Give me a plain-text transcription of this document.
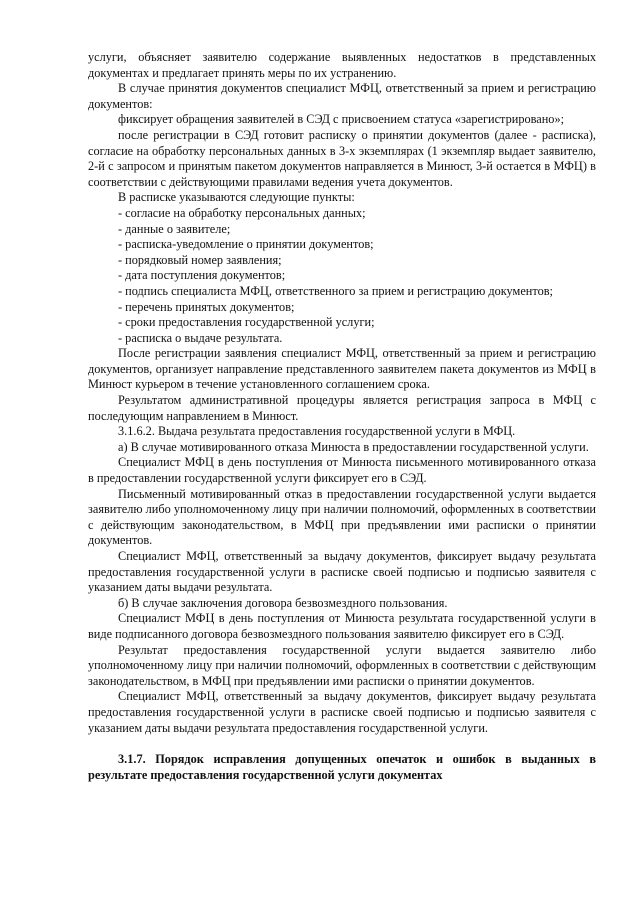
услуги, объясняет заявителю содержание выявленных недостатков в представленных документах и предлагает принять меры по их устранению.

В случае принятия документов специалист МФЦ, ответственный за прием и регистрацию документов:

фиксирует обращения заявителей в СЭД с присвоением статуса «зарегистрировано»;

после регистрации в СЭД готовит расписку о принятии документов (далее - расписка), согласие на обработку персональных данных в 3-х экземплярах (1 экземпляр выдает заявителю, 2-й с запросом и принятым пакетом документов направляется в Минюст, 3-й остается в МФЦ) в соответствии с действующими правилами ведения учета документов.

В расписке указываются следующие пункты:

- согласие на обработку персональных данных;

- данные о заявителе;

- расписка-уведомление о принятии документов;

- порядковый номер заявления;

- дата поступления документов;

- подпись специалиста МФЦ, ответственного за прием и регистрацию документов;

- перечень принятых документов;

- сроки предоставления государственной услуги;

- расписка о выдаче результата.

После регистрации заявления специалист МФЦ, ответственный за прием и регистрацию документов, организует направление представленного заявителем пакета документов из МФЦ в Минюст курьером в течение установленного соглашением срока.

Результатом административной процедуры является регистрация запроса в МФЦ с последующим направлением в Минюст.

3.1.6.2. Выдача результата предоставления государственной услуги в МФЦ.

а) В случае мотивированного отказа Минюста в предоставлении государственной услуги.

Специалист МФЦ в день поступления от Минюста письменного мотивированного отказа в предоставлении государственной услуги фиксирует его в СЭД.

Письменный мотивированный отказ в предоставлении государственной услуги выдается заявителю либо уполномоченному лицу при наличии полномочий, оформленных в соответствии с действующим законодательством, в МФЦ при предъявлении ими расписки о принятии документов.

Специалист МФЦ, ответственный за выдачу документов, фиксирует выдачу результата предоставления государственной услуги в расписке своей подписью и подписью заявителя с указанием даты выдачи результата.

б) В случае заключения договора безвозмездного пользования.

Специалист МФЦ в день поступления от Минюста результата государственной услуги в виде подписанного договора безвозмездного пользования заявителю фиксирует его в СЭД.

Результат предоставления государственной услуги выдается заявителю либо уполномоченному лицу при наличии полномочий, оформленных в соответствии с действующим законодательством, в МФЦ при предъявлении ими расписки о принятии документов.

Специалист МФЦ, ответственный за выдачу документов, фиксирует выдачу результата предоставления государственной услуги в расписке своей подписью и подписью заявителя с указанием даты выдачи результата предоставления государственной услуги.

3.1.7. Порядок исправления допущенных опечаток и ошибок в выданных в результате предоставления государственной услуги документах
